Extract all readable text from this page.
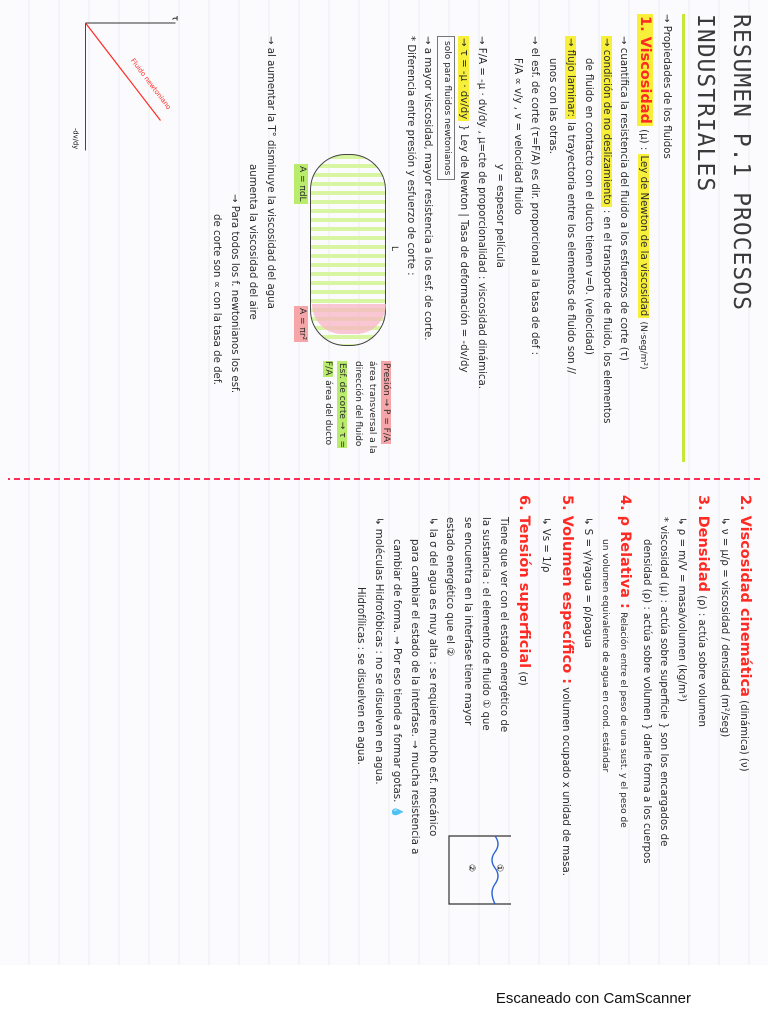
RESUMEN P.1 PROCESOS INDUSTRIALES
→ Propiedades de los fluidos
1. Viscosidad (μ) : Ley de Newton de la viscosidad (N·seg/m²)
→ cuantifica la resistencia del fluido a los esfuerzos de corte (τ)
→ condición de no deslizamiento : en el transporte de fluido, los elementos
de fluido en contacto con el ducto tienen v=0. (velocidad)
→ flujo laminar: la trayectoria entre los elementos de fluido son //
unos con las otras.
→ el esf. de corte (τ=F/A) es dir. proporcional a la tasa de def :
F/A ∝ v/y , v = velocidad fluido
y = espesor película
→ F/A = -μ · dv/dy , μ=cte de proporcionalidad : viscosidad dinámica.
→ τ = -μ · dv/dy } Ley de Newton | Tasa de deformación = -dv/dy solo para fluidos newtonianos
→ a mayor viscosidad, mayor resistencia a los esf. de corte.
* Diferencia entre presión y esfuerzo de corte :
L
A = πr²
A = πdL
Presión → P = F/A área transversal a la dirección del fluido
Esf. de corte → τ = F/A área del ducto
→ al aumentar la T° disminuye la viscosidad del agua
aumenta la viscosidad del aire
→ Para todos los f. newtonianos los esf.
de corte son ∝ con la tasa de def.
τ
Fluido newtoniano
-dv/dy
2. Viscosidad cinemática (dinámica) (ν)
↳ ν = μ/ρ = viscosidad / densidad (m²/seg)
3. Densidad (ρ) : actúa sobre volumen
↳ ρ = m/V = masa/volumen (kg/m³)
* viscosidad (μ) : actúa sobre superficie } son los encargados de
densidad (ρ) : actúa sobre volumen } darle forma a los cuerpos
4. ρ Relativa : Relación entre el peso de una sust. y el peso de
un volumen equivalente de agua en cond. estándar
↳ S = γ/γagua = ρ/ρagua
5. Volumen específico : volumen ocupado x unidad de masa.
↳ Vs = 1/ρ
6. Tensión superficial (σ)
Tiene que ver con el estado energético de
la sustancia : el elemento de fluido ① que
se encuentra en la interfase tiene mayor
estado energético que el ②
①
②
↳ la σ del agua es muy alta : se requiere mucho esf. mecánico
para cambiar el estado de la interfase. → mucha resistencia a
cambiar de forma. → Por eso tiende a formar gotas. 💧
↳ moléculas Hidrofóbicas : no se disuelven en agua.
Hidrofílicas : se disuelven en agua.
Escaneado con CamScanner
